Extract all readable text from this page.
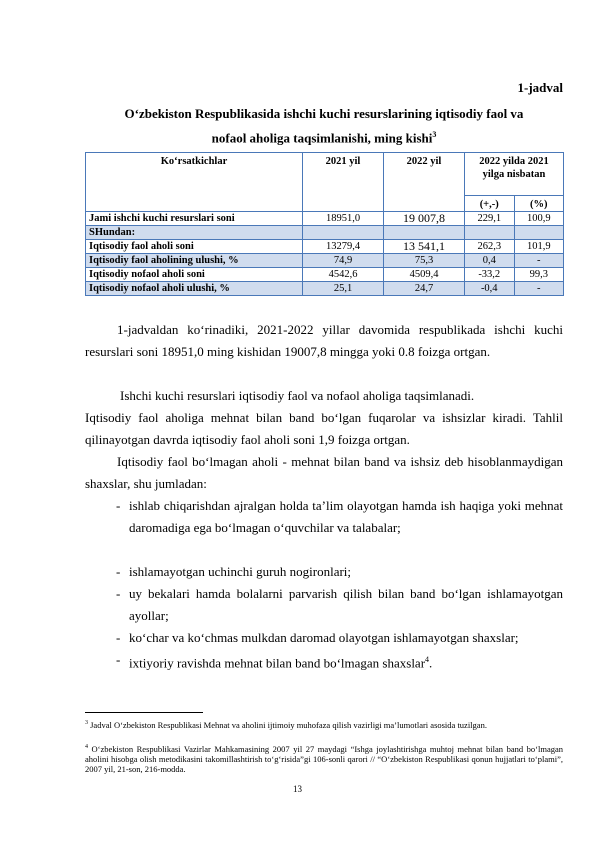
1-jadval
O‘zbekiston Respublikasida ishchi kuchi resurslarining iqtisodiy faol va
nofaol aholiga taqsimlanishi, ming kishi$^3$
Ko‘rsatkichlar	2021 yil	2022 yil	2022 yilda 2021 yilga nisbatan	
			(+,-)	(%)
Jami ishchi kuchi resurslari soni	18951,0	19 007,8	229,1	100,9
SHundan:				
Iqtisodiy faol aholi soni	13279,4	13 541,1	262,3	101,9
Iqtisodiy faol aholining ulushi, %	74,9	75,3	0,4	-
Iqtisodiy nofaol aholi soni	4542,6	4509,4	-33,2	99,3
Iqtisodiy nofaol aholi ulushi, %	25,1	24,7	-0,4	-
1-jadvaldan ko‘rinadiki, 2021-2022 yillar davomida respublikada ishchi kuchi resurslari soni 18951,0 ming kishidan 19007,8 mingga yoki 0.8 foizga ortgan.
Ishchi kuchi resurslari iqtisodiy faol va nofaol aholiga taqsimlanadi.
Iqtisodiy faol aholiga mehnat bilan band bo‘lgan fuqarolar va ishsizlar kiradi. Tahlil qilinayotgan davrda iqtisodiy faol aholi soni 1,9 foizga ortgan.
Iqtisodiy faol bo‘lmagan aholi - mehnat bilan band va ishsiz deb hisoblanmaydigan shaxslar, shu jumladan:
- ishlab chiqarishdan ajralgan holda ta’lim olayotgan hamda ish haqiga yoki mehnat daromadiga ega bo‘lmagan o‘quvchilar va talabalar;
- ishlamayotgan uchinchi guruh nogironlari;
- uy bekalari hamda bolalarni parvarish qilish bilan band bo‘lgan ishlamayotgan ayollar;
- ko‘char va ko‘chmas mulkdan daromad olayotgan ishlamayotgan shaxslar;
- ixtiyoriy ravishda mehnat bilan band bo‘lmagan shaxslar$^4$.
$^3$ Jadval O‘zbekiston Respublikasi Mehnat va aholini ijtimoiy muhofaza qilish vazirligi ma’lumotlari asosida tuzilgan.
$^4$ O‘zbekiston Respublikasi Vazirlar Mahkamasining 2007 yil 27 maydagi “Ishga joylashtirishga muhtoj mehnat bilan band bo‘lmagan aholini hisobga olish metodikasini takomillashtirish to‘g‘risida”gi 106-sonli qarori // “O‘zbekiston Respublikasi qonun hujjatlari to‘plami”, 2007 yil, 21-son, 216-modda.
13
